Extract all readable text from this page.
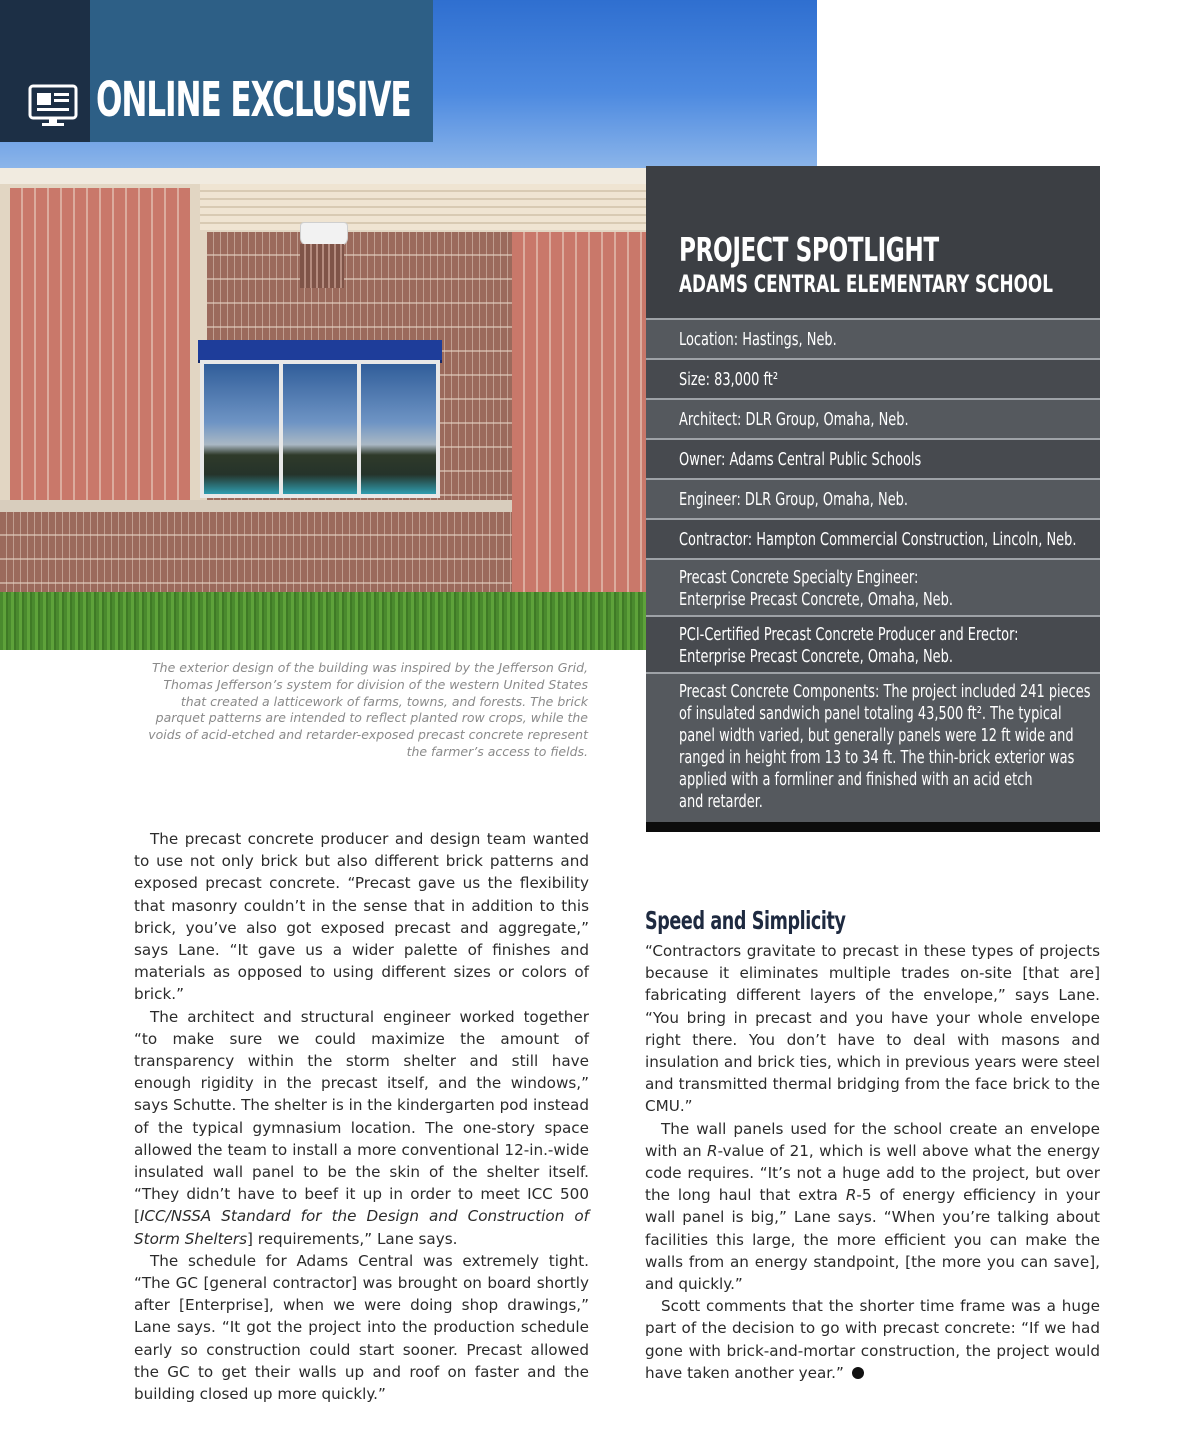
ONLINE EXCLUSIVE

The exterior design of the building was inspired by the Jefferson Grid, Thomas Jefferson’s system for division of the western United States that created a latticework of farms, towns, and forests. The brick parquet patterns are intended to reflect planted row crops, while the voids of acid-etched and retarder-exposed precast concrete represent the farmer’s access to fields.

PROJECT SPOTLIGHT
ADAMS CENTRAL ELEMENTARY SCHOOL
Location: Hastings, Neb.
Size: 83,000 ft²
Architect: DLR Group, Omaha, Neb.
Owner: Adams Central Public Schools
Engineer: DLR Group, Omaha, Neb.
Contractor: Hampton Commercial Construction, Lincoln, Neb.
Precast Concrete Specialty Engineer:
Enterprise Precast Concrete, Omaha, Neb.
PCI-Certified Precast Concrete Producer and Erector:
Enterprise Precast Concrete, Omaha, Neb.
Precast Concrete Components: The project included 241 pieces
of insulated sandwich panel totaling 43,500 ft². The typical
panel width varied, but generally panels were 12 ft wide and
ranged in height from 13 to 34 ft. The thin-brick exterior was
applied with a formliner and finished with an acid etch
and retarder.

The precast concrete producer and design team wanted to use not only brick but also different brick patterns and exposed precast concrete. “Precast gave us the flexibility that masonry couldn’t in the sense that in addition to this brick, you’ve also got exposed precast and aggregate,” says Lane. “It gave us a wider palette of finishes and materials as opposed to using different sizes or colors of brick.”

The architect and structural engineer worked together “to make sure we could maximize the amount of transparency within the storm shelter and still have enough rigidity in the precast itself, and the windows,” says Schutte. The shelter is in the kindergarten pod instead of the typical gymnasium location. The one-story space allowed the team to install a more conventional 12-in.-wide insulated wall panel to be the skin of the shelter itself. “They didn’t have to beef it up in order to meet ICC 500 [ICC/NSSA Standard for the Design and Construction of Storm Shelters] requirements,” Lane says.

The schedule for Adams Central was extremely tight. “The GC [general contractor] was brought on board shortly after [Enterprise], when we were doing shop drawings,” Lane says. “It got the project into the production schedule early so construction could start sooner. Precast allowed the GC to get their walls up and roof on faster and the building closed up more quickly.”

Speed and Simplicity

“Contractors gravitate to precast in these types of projects because it eliminates multiple trades on-site [that are] fabricating different layers of the envelope,” says Lane. “You bring in precast and you have your whole envelope right there. You don’t have to deal with masons and insulation and brick ties, which in previous years were steel and transmitted thermal bridging from the face brick to the CMU.”

The wall panels used for the school create an envelope with an R-value of 21, which is well above what the energy code requires. “It’s not a huge add to the project, but over the long haul that extra R-5 of energy efficiency in your wall panel is big,” Lane says. “When you’re talking about facilities this large, the more efficient you can make the walls from an energy standpoint, [the more you can save], and quickly.”

Scott comments that the shorter time frame was a huge part of the decision to go with precast concrete: “If we had gone with brick-and-mortar construction, the project would have taken another year.”
